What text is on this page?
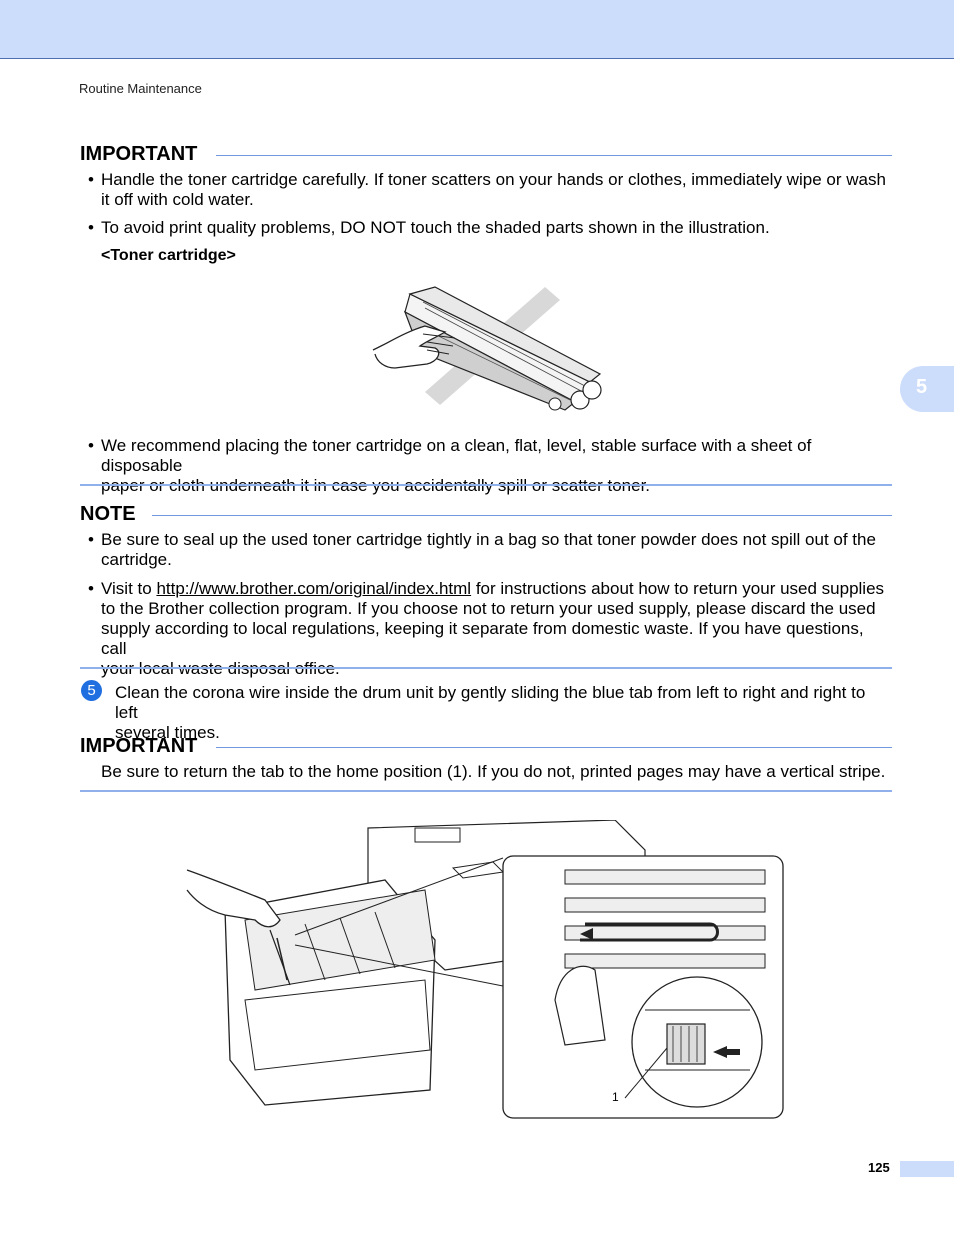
Routine Maintenance
5
IMPORTANT
• Handle the toner cartridge carefully. If toner scatters on your hands or clothes, immediately wipe or wash
it off with cold water.
• To avoid print quality problems, DO NOT touch the shaded parts shown in the illustration.
<Toner cartridge>
• We recommend placing the toner cartridge on a clean, flat, level, stable surface with a sheet of disposable
paper or cloth underneath it in case you accidentally spill or scatter toner.
NOTE
• Be sure to seal up the used toner cartridge tightly in a bag so that toner powder does not spill out of the
cartridge.
• Visit to http://www.brother.com/original/index.html for instructions about how to return your used supplies
to the Brother collection program. If you choose not to return your used supply, please discard the used
supply according to local regulations, keeping it separate from domestic waste. If you have questions, call
your local waste disposal office.
5	Clean the corona wire inside the drum unit by gently sliding the blue tab from left to right and right to left
several times.
IMPORTANT
Be sure to return the tab to the home position (1). If you do not, printed pages may have a vertical stripe.
1
125
